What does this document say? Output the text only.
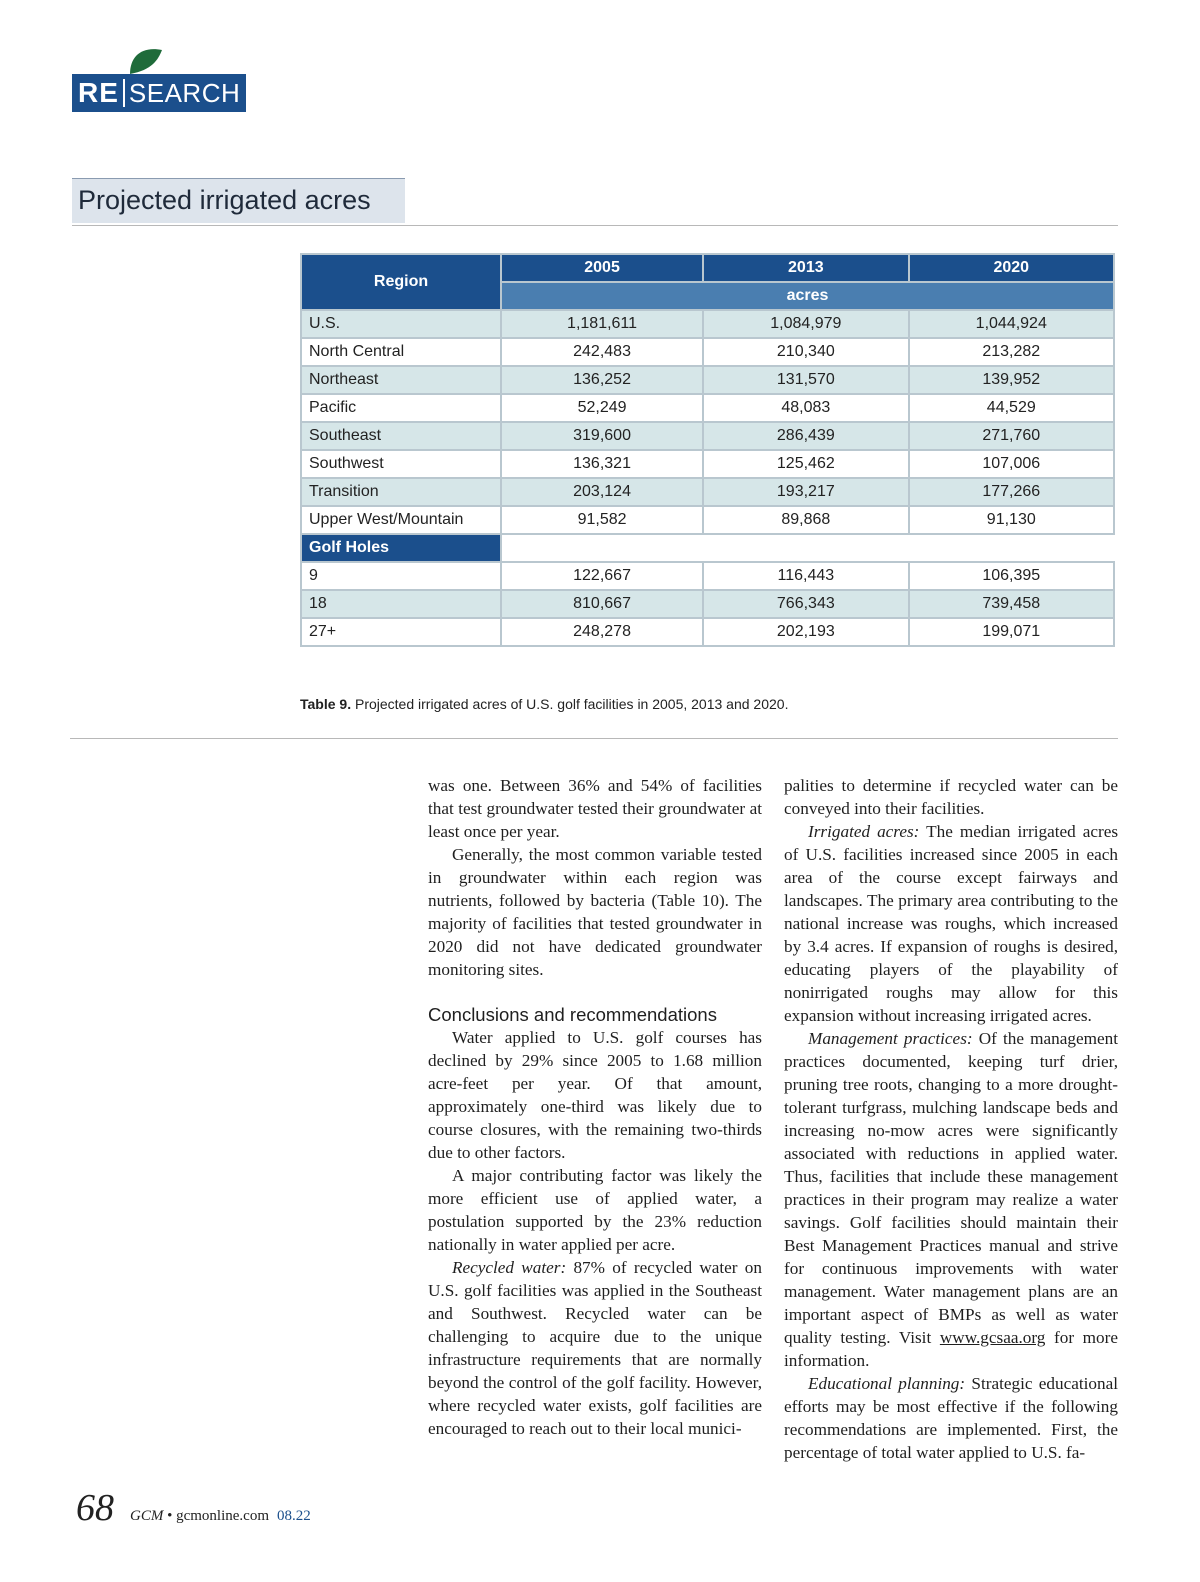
RE SEARCH
Projected irrigated acres
Region	2005	2013	2020
	acres		
U.S.	1,181,611	1,084,979	1,044,924
North Central	242,483	210,340	213,282
Northeast	136,252	131,570	139,952
Pacific	52,249	48,083	44,529
Southeast	319,600	286,439	271,760
Southwest	136,321	125,462	107,006
Transition	203,124	193,217	177,266
Upper West/Mountain	91,582	89,868	91,130
Golf Holes			
9	122,667	116,443	106,395
18	810,667	766,343	739,458
27+	248,278	202,193	199,071
Table 9. Projected irrigated acres of U.S. golf facilities in 2005, 2013 and 2020.

was one. Between 36% and 54% of facilities that test groundwater tested their groundwater at least once per year.

Generally, the most common variable tested in groundwater within each region was nutrients, followed by bacteria (Table 10). The majority of facilities that tested groundwater in 2020 did not have dedicated groundwater monitoring sites.

Conclusions and recommendations

Water applied to U.S. golf courses has declined by 29% since 2005 to 1.68 million acre-feet per year. Of that amount, approximately one-third was likely due to course closures, with the remaining two-thirds due to other factors.

A major contributing factor was likely the more efficient use of applied water, a postulation supported by the 23% reduction nationally in water applied per acre.

Recycled water: 87% of recycled water on U.S. golf facilities was applied in the Southeast and Southwest. Recycled water can be challenging to acquire due to the unique infrastructure requirements that are normally beyond the control of the golf facility. However, where recycled water exists, golf facilities are encouraged to reach out to their local munici-

palities to determine if recycled water can be conveyed into their facilities.

Irrigated acres: The median irrigated acres of U.S. facilities increased since 2005 in each area of the course except fairways and landscapes. The primary area contributing to the national increase was roughs, which increased by 3.4 acres. If expansion of roughs is desired, educating players of the playability of nonirrigated roughs may allow for this expansion without increasing irrigated acres.

Management practices: Of the management practices documented, keeping turf drier, pruning tree roots, changing to a more drought-tolerant turfgrass, mulching landscape beds and increasing no-mow acres were significantly associated with reductions in applied water. Thus, facilities that include these management practices in their program may realize a water savings. Golf facilities should maintain their Best Management Practices manual and strive for continuous improvements with water management. Water management plans are an important aspect of BMPs as well as water quality testing. Visit www.gcsaa.org for more information.

Educational planning: Strategic educational efforts may be most effective if the following recommendations are implemented. First, the percentage of total water applied to U.S. fa-

68 GCM • gcmonline.com 08.22
